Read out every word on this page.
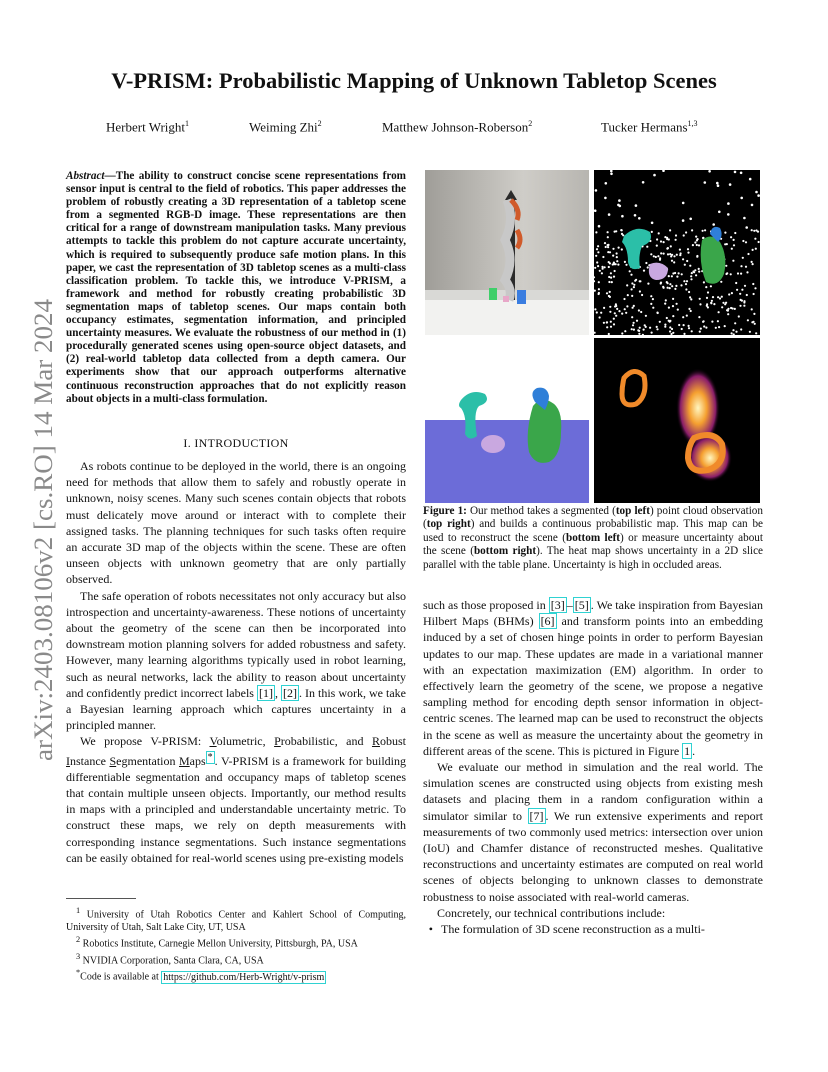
V-PRISM: Probabilistic Mapping of Unknown Tabletop Scenes
Herbert Wright$^1$	Weiming Zhi$^2$	Matthew Johnson-Roberson$^2$	Tucker Hermans$^{1,3}$
arXiv:2403.08106v2 [cs.RO] 14 Mar 2024
Abstract—The ability to construct concise scene representations from sensor input is central to the field of robotics. This paper addresses the problem of robustly creating a 3D representation of a tabletop scene from a segmented RGB-D image. These representations are then critical for a range of downstream manipulation tasks. Many previous attempts to tackle this problem do not capture accurate uncertainty, which is required to subsequently produce safe motion plans. In this paper, we cast the representation of 3D tabletop scenes as a multi-class classification problem. To tackle this, we introduce V-PRISM, a framework and method for robustly creating probabilistic 3D segmentation maps of tabletop scenes. Our maps contain both occupancy estimates, segmentation information, and principled uncertainty measures. We evaluate the robustness of our method in (1) procedurally generated scenes using open-source object datasets, and (2) real-world tabletop data collected from a depth camera. Our experiments show that our approach outperforms alternative continuous reconstruction approaches that do not explicitly reason about objects in a multi-class formulation.
I. INTRODUCTION

As robots continue to be deployed in the world, there is an ongoing need for methods that allow them to safely and robustly operate in unknown, noisy scenes. Many such scenes contain objects that robots must delicately move around or interact with to complete their assigned tasks. The planning techniques for such tasks often require an accurate 3D map of the objects within the scene. These are often unseen objects with unknown geometry that are only partially observed.

The safe operation of robots necessitates not only accuracy but also introspection and uncertainty-awareness. These notions of uncertainty about the geometry of the scene can then be incorporated into downstream motion planning solvers for added robustness and safety. However, many learning algorithms typically used in robot learning, such as neural networks, lack the ability to reason about uncertainty and confidently predict incorrect labels [1] , [2] . In this work, we take a Bayesian learning approach which captures uncertainty in a principled manner.

We propose V-PRISM: Volumetric, Probabilistic, and Robust Instance Segmentation Maps * . V-PRISM is a framework for building differentiable segmentation and occupancy maps of tabletop scenes that contain multiple unseen objects. Importantly, our method results in maps with a principled and understandable uncertainty metric. To construct these maps, we rely on depth measurements with corresponding instance segmentations. Such instance segmentations can be easily obtained for real-world scenes using pre-existing models

$^1$ University of Utah Robotics Center and Kahlert School of Computing, University of Utah, Salt Lake City, UT, USA
$^2$ Robotics Institute, Carnegie Mellon University, Pittsburgh, PA, USA
$^3$ NVIDIA Corporation, Santa Clara, CA, USA
*Code is available at https://github.com/Herb-Wright/v-prism
Figure 1: Our method takes a segmented (top left) point cloud observation (top right) and builds a continuous probabilistic map. This map can be used to reconstruct the scene (bottom left) or measure uncertainty about the scene (bottom right). The heat map shows uncertainty in a 2D slice parallel with the table plane. Uncertainty is high in occluded areas.

such as those proposed in [3] – [5] . We take inspiration from Bayesian Hilbert Maps (BHMs) [6] and transform points into an embedding induced by a set of chosen hinge points in order to perform Bayesian updates to our map. These updates are made in a variational manner with an expectation maximization (EM) algorithm. In order to effectively learn the geometry of the scene, we propose a negative sampling method for encoding depth sensor information in object-centric scenes. The learned map can be used to reconstruct the objects in the scene as well as measure the uncertainty about the geometry in different areas of the scene. This is pictured in Figure 1 .

We evaluate our method in simulation and the real world. The simulation scenes are constructed using objects from existing mesh datasets and placing them in a random configuration within a simulator similar to [7] . We run extensive experiments and report measurements of two commonly used metrics: intersection over union (IoU) and Chamfer distance of reconstructed meshes. Qualitative reconstructions and uncertainty estimates are computed on real world scenes of objects belonging to unknown classes to demonstrate robustness to noise associated with real-world cameras.

Concretely, our technical contributions include:

• The formulation of 3D scene reconstruction as a multi-
